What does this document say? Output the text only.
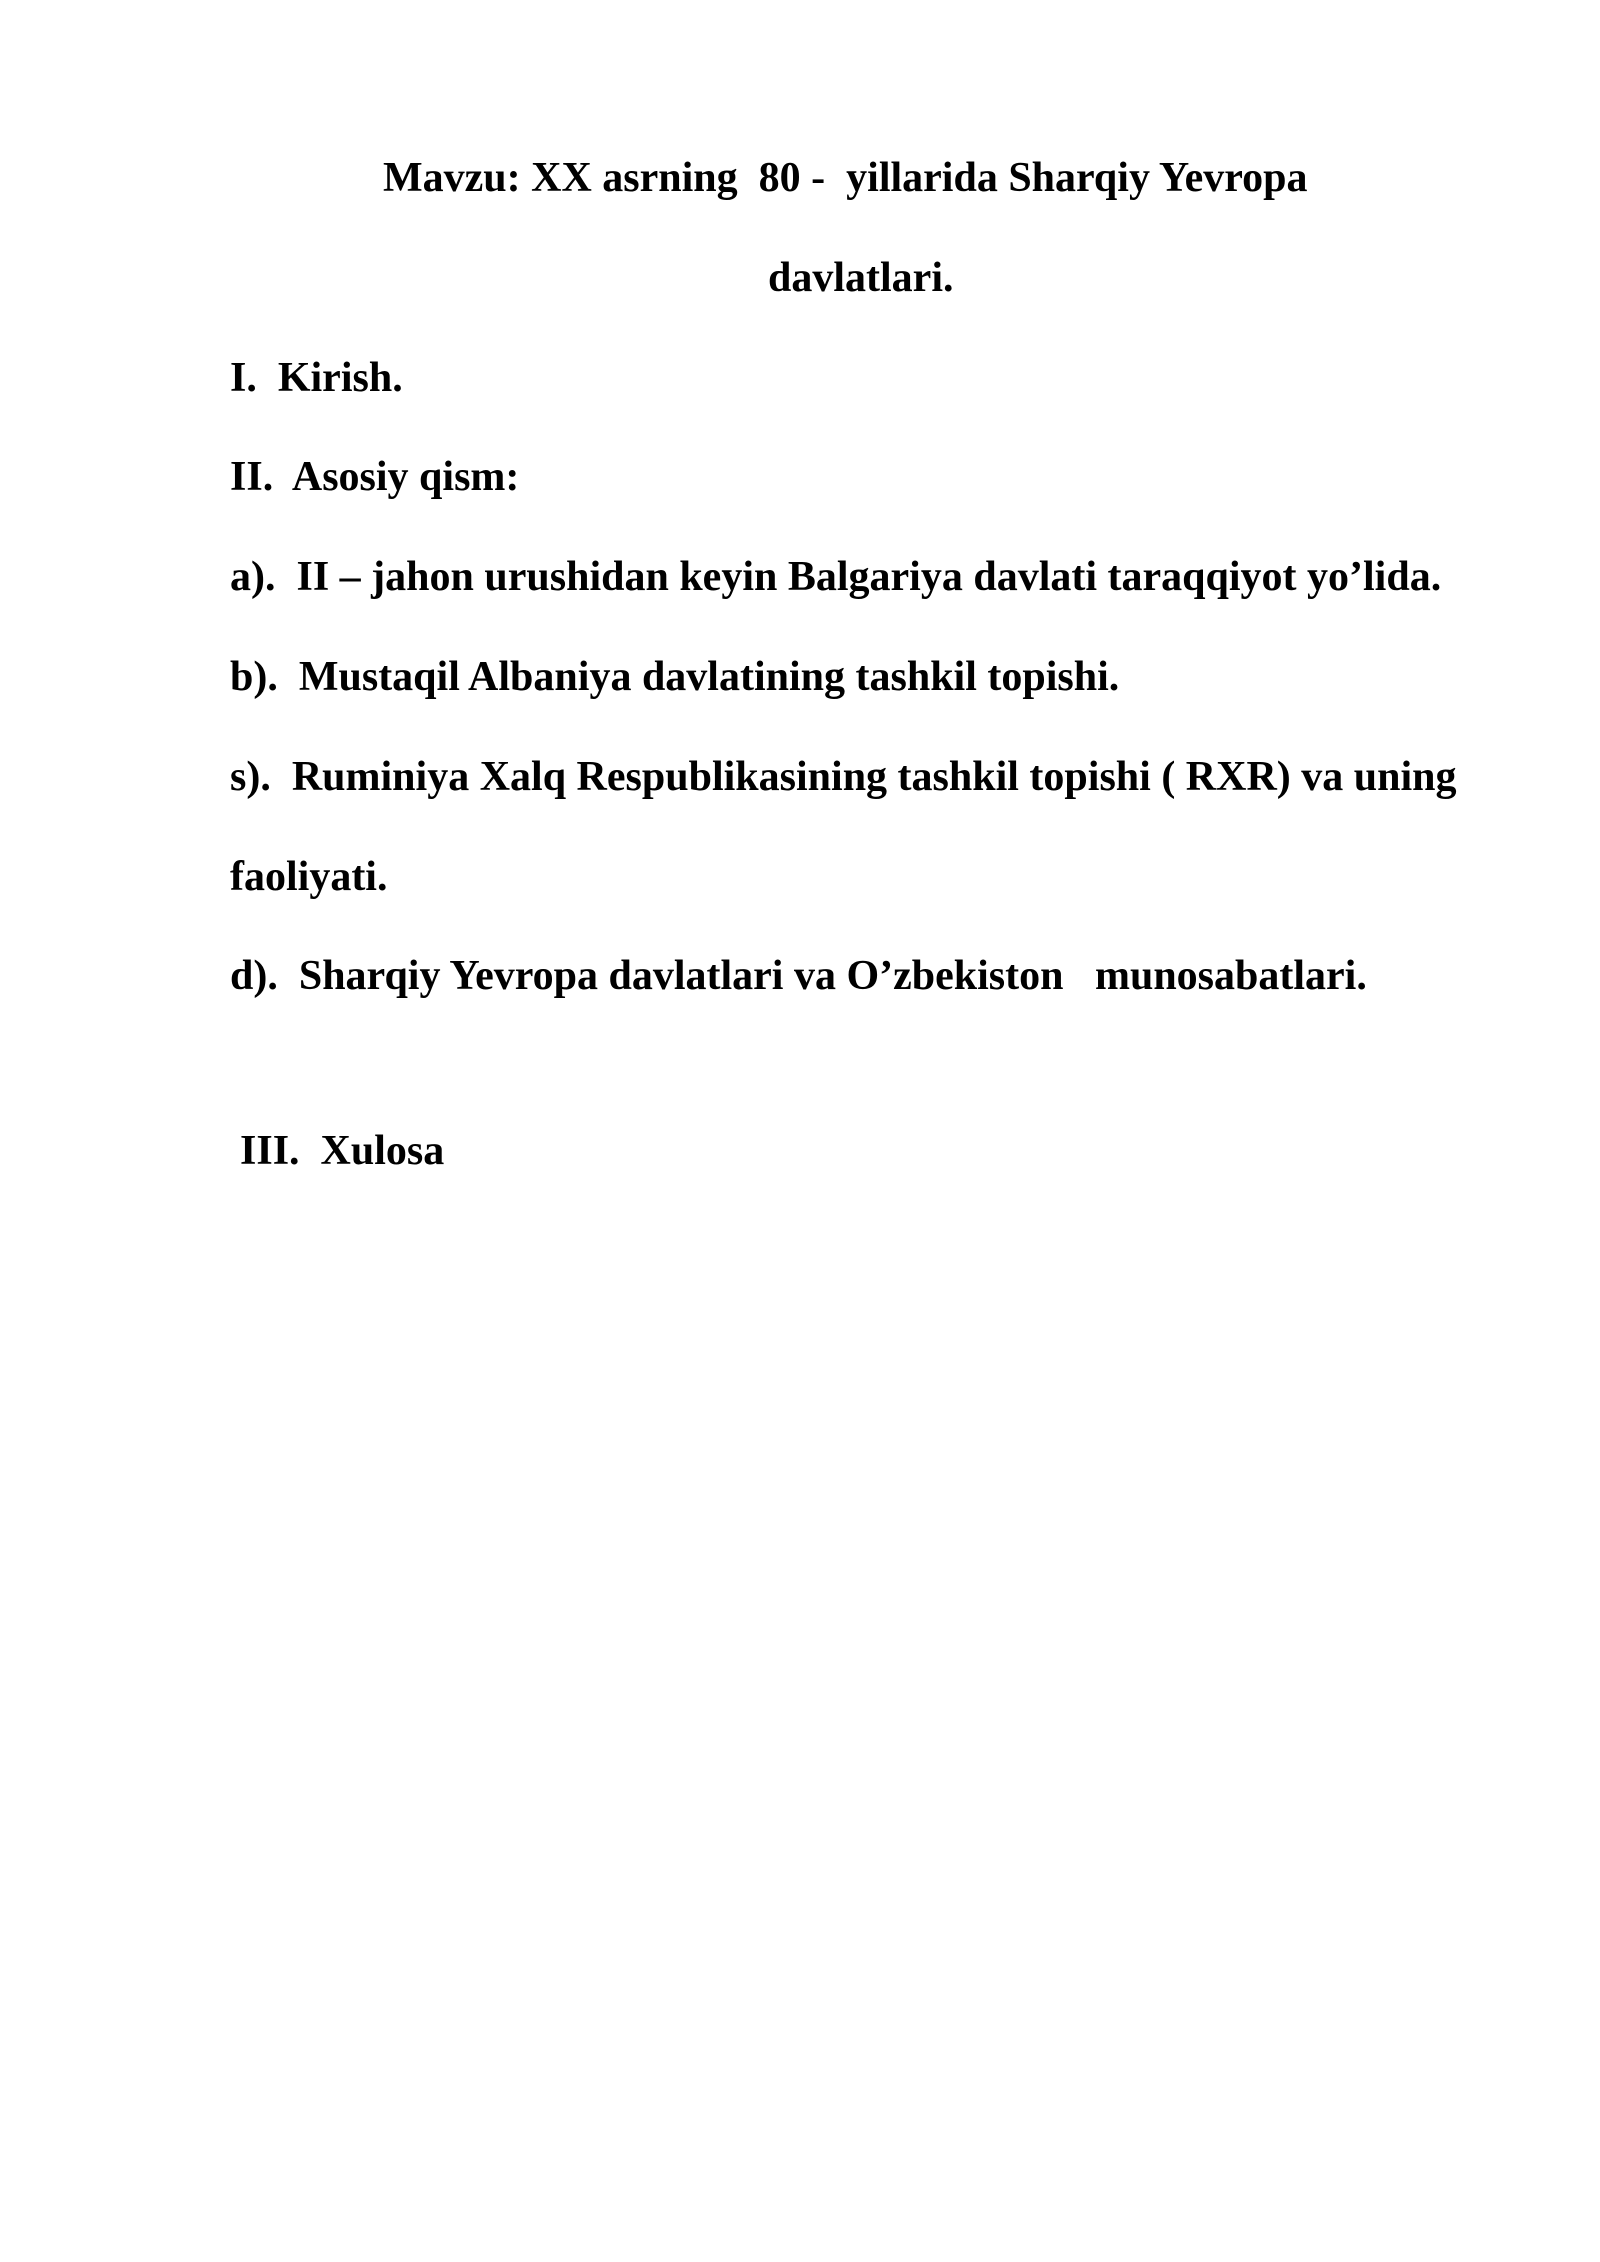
Mavzu: XX asrning  80 -  yillarida Sharqiy Yevropa
davlatlari.
I.  Kirish.
II.  Asosiy qism:
a).  II – jahon urushidan keyin Balgariya davlati taraqqiyot yo’lida.
b).  Mustaqil Albaniya davlatining tashkil topishi.
s).  Ruminiya Xalq Respublikasining tashkil topishi ( RXR) va uning
faoliyati.
d).  Sharqiy Yevropa davlatlari va O’zbekiston   munosabatlari.
III.  Xulosa
